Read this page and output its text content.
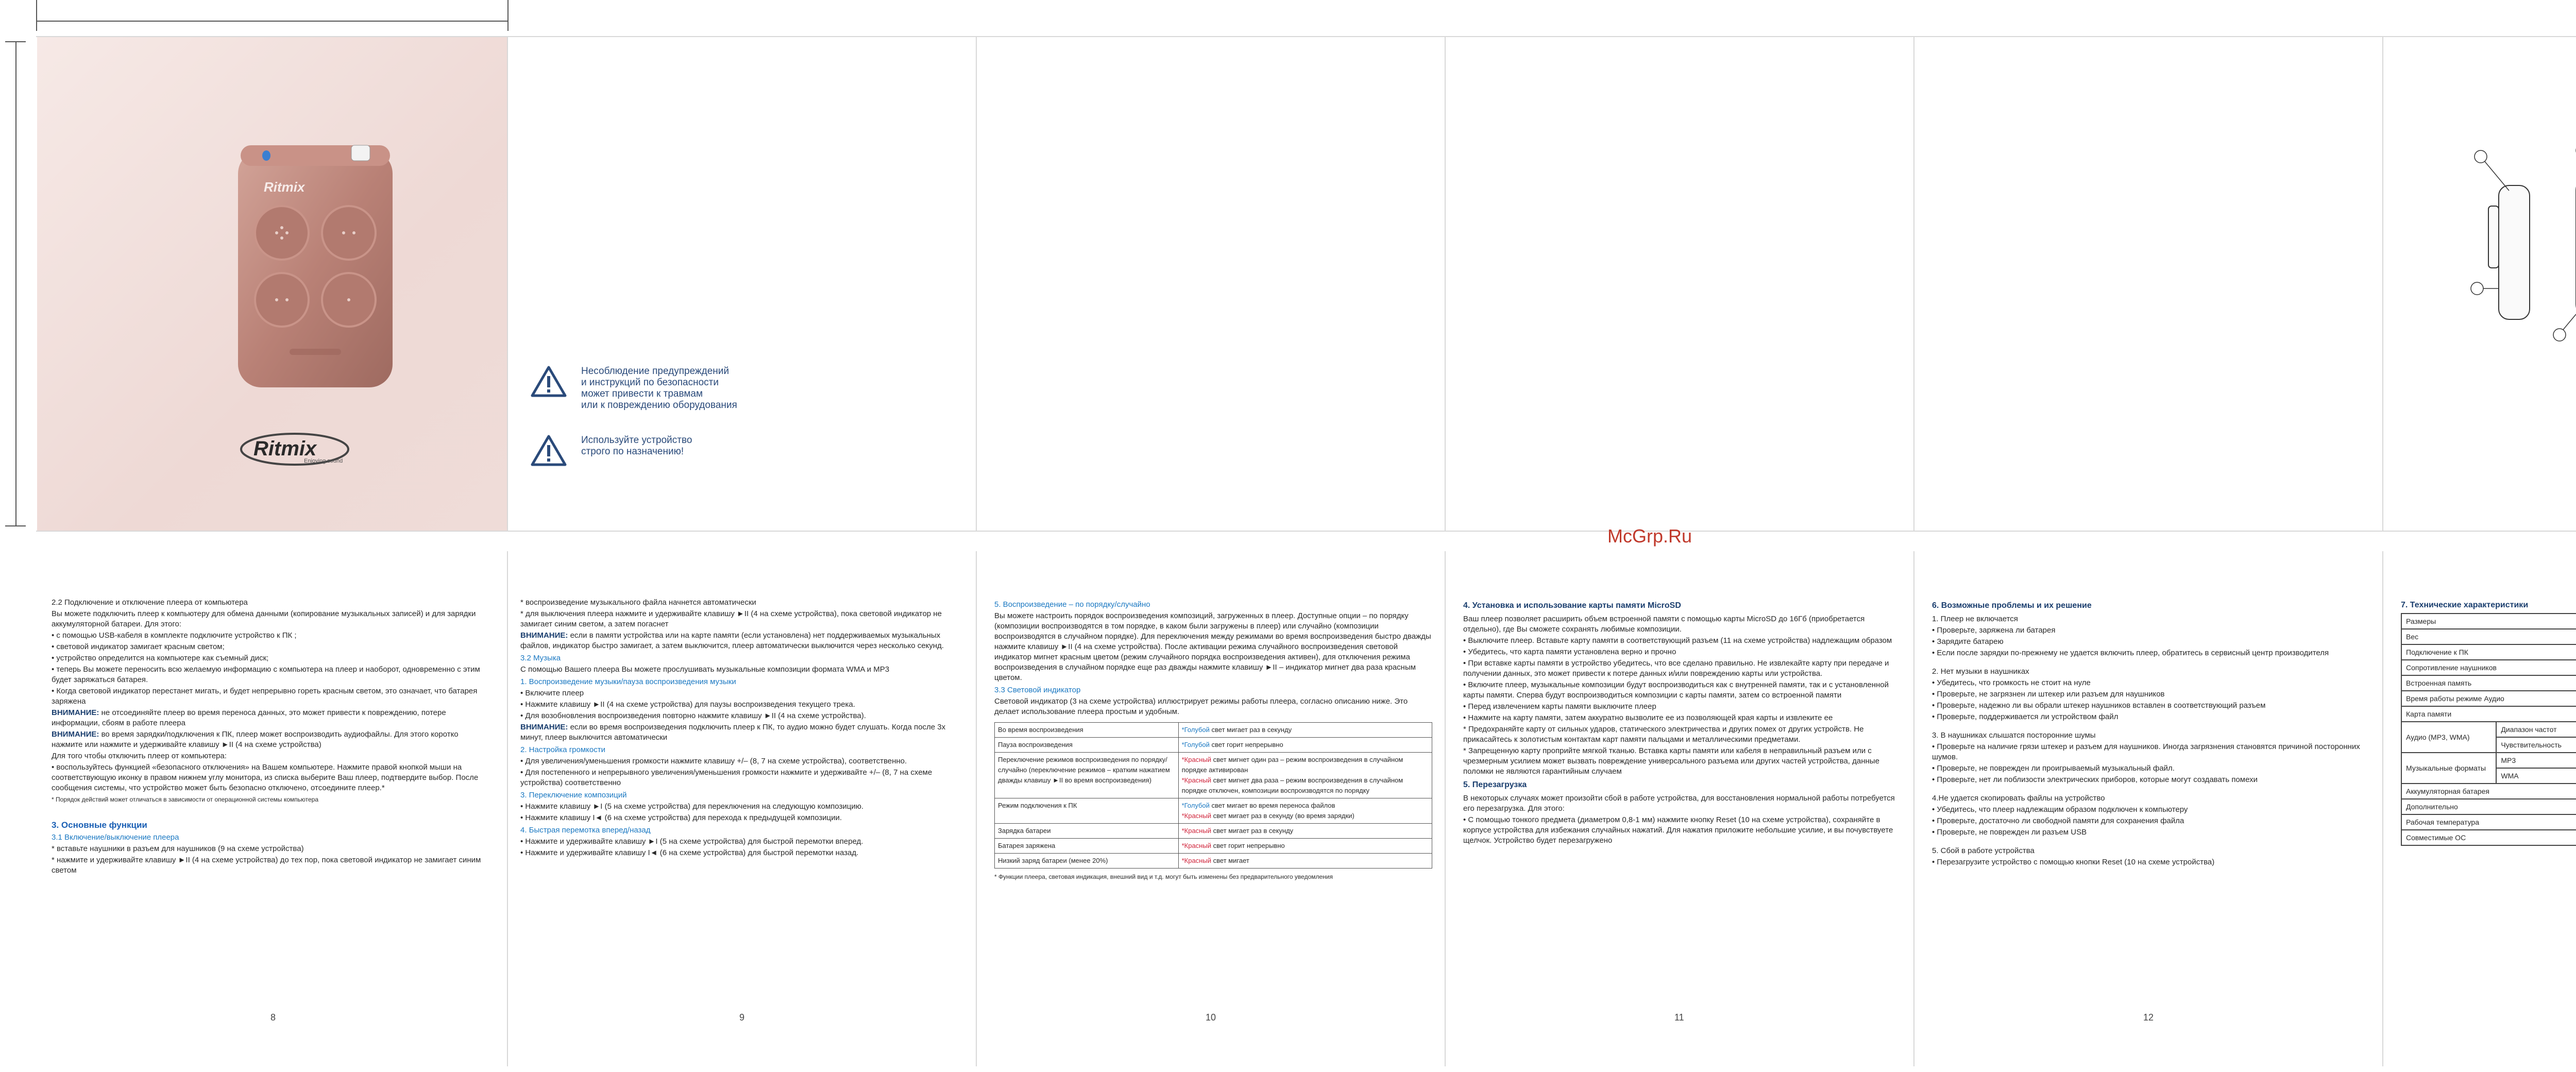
Ritmix
Ritmix
Enjoying sound
Несоблюдение предупреждений
и инструкций по безопасности
может привести к травмам
или к повреждению оборудования
Используйте устройство
строго по назначению!
McGrp.Ru

2.2 Подключение и отключение плеера от компьютера

Вы можете подключить плеер к компьютеру для обмена данными (копирование музыкальных записей) и для зарядки аккумуляторной батареи. Для этого:

• с помощью USB-кабеля в комплекте подключите устройство к ПК ;

• световой индикатор замигает красным светом;

• устройство определится на компьютере как съемный диск;

• теперь Вы можете переносить всю желаемую информацию с компьютера на плеер и наоборот, одновременно с этим будет заряжаться батарея.

• Когда световой индикатор перестанет мигать, и будет непрерывно гореть красным светом, это означает, что батарея заряжена

ВНИМАНИЕ: не отсоединяйте плеер во время переноса данных, это может привести к повреждению, потере информации, сбоям в работе плеера

ВНИМАНИЕ: во время зарядки/подключения к ПК, плеер может воспроизводить аудиофайлы. Для этого коротко нажмите или нажмите и удерживайте клавишу ►II (4 на схеме устройства)

Для того чтобы отключить плеер от компьютера:

• воспользуйтесь функцией «безопасного отключения» на Вашем компьютере. Нажмите правой кнопкой мыши на соответствующую иконку в правом нижнем углу монитора, из списка выберите Ваш плеер, подтвердите выбор. После сообщения системы, что устройство может быть безопасно отключено, отсоедините плеер.*

* Порядок действий может отличаться в зависимости от операционной системы компьютера

3. Основные функции
3.1 Включение/выключение плеера

* вставьте наушники в разъем для наушников (9 на схеме устройства)

* нажмите и удерживайте клавишу ►II (4 на схеме устройства) до тех пор, пока световой индикатор не замигает синим светом

8

* воспроизведение музыкального файла начнется автоматически

* для выключения плеера нажмите и удерживайте клавишу ►II (4 на схеме устройства), пока световой индикатор не замигает синим светом, а затем погаснет

ВНИМАНИЕ: если в памяти устройства или на карте памяти (если установлена) нет поддерживаемых музыкальных файлов, индикатор быстро замигает, а затем выключится, плеер автоматически выключится через несколько секунд.

3.2 Музыка

С помощью Вашего плеера Вы можете прослушивать музыкальные композиции формата WMA и MP3

1. Воспроизведение музыки/пауза воспроизведения музыки

• Включите плеер

• Нажмите клавишу ►II (4 на схеме устройства) для паузы воспроизведения текущего трека.

• Для возобновления воспроизведения повторно нажмите клавишу ►II (4 на схеме устройства).

ВНИМАНИЕ: если во время воспроизведения подключить плеер к ПК, то аудио можно будет слушать. Когда после 3х минут, плеер выключится автоматически

2. Настройка громкости

• Для увеличения/уменьшения громкости нажмите клавишу +/– (8, 7 на схеме устройства), соответственно.

• Для постепенного и непрерывного увеличения/уменьшения громкости нажмите и удерживайте +/– (8, 7 на схеме устройства) соответственно

3. Переключение композиций

• Нажмите клавишу ►I (5 на схеме устройства) для переключения на следующую композицию.

• Нажмите клавишу I◄ (6 на схеме устройства) для перехода к предыдущей композиции.

4. Быстрая перемотка вперед/назад

• Нажмите и удерживайте клавишу ►I (5 на схеме устройства) для быстрой перемотки вперед.

• Нажмите и удерживайте клавишу I◄ (6 на схеме устройства) для быстрой перемотки назад.

9
5. Воспроизведение – по порядку/случайно

Вы можете настроить порядок воспроизведения композиций, загруженных в плеер. Доступные опции – по порядку (композиции воспроизводятся в том порядке, в каком были загружены в плеер) или случайно (композиции воспроизводятся в случайном порядке). Для переключения между режимами во время воспроизведения быстро дважды нажмите клавишу ►II (4 на схеме устройства). После активации режима случайного воспроизведения световой индикатор мигнет красным цветом (режим случайного порядка воспроизведения активен), для отключения режима воспроизведения в случайном порядке еще раз дважды нажмите клавишу ►II – индикатор мигнет два раза красным цветом.

3.3 Световой индикатор

Световой индикатор (3 на схеме устройства) иллюстрирует режимы работы плеера, согласно описанию ниже. Это делает использование плеера простым и удобным.

Во время воспроизведения	*Голубой свет мигает раз в секунду

Пауза воспроизведения	*Голубой свет горит непрерывно

Переключение режимов воспроизведения по порядку/случайно (переключение режимов – кратким нажатием дважды клавишу ►II во время воспроизведения)	*Красный свет мигнет один раз – режим воспроизведения в случайном порядке активирован
*Красный свет мигнет два раза – режим воспроизведения в случайном порядке отключен, композиции воспроизводятся по порядку

Режим подключения к ПК	*Голубой свет мигает во время переноса файлов
*Красный свет мигает раз в секунду (во время зарядки)

Зарядка батареи	*Красный свет мигает раз в секунду

Батарея заряжена	*Красный свет горит непрерывно

Низкий заряд батареи (менее 20%)	*Красный свет мигает

* Функции плеера, световая индикация, внешний вид и т.д. могут быть изменены без предварительного уведомления

10
4. Установка и использование карты памяти MicroSD

Ваш плеер позволяет расширить объем встроенной памяти с помощью карты MicroSD до 16Гб (приобретается отдельно), где Вы сможете сохранять любимые композиции.

• Выключите плеер. Вставьте карту памяти в соответствующий разъем (11 на схеме устройства) надлежащим образом

• Убедитесь, что карта памяти установлена верно и прочно

• При вставке карты памяти в устройство убедитесь, что все сделано правильно. Не извлекайте карту при передаче и получении данных, это может привести к потере данных и/или повреждению карты или устройства.

• Включите плеер, музыкальные композиции будут воспроизводиться как с внутренней памяти, так и с установленной карты памяти. Сперва будут воспроизводиться композиции с карты памяти, затем со встроенной памяти

• Перед извлечением карты памяти выключите плеер

• Нажмите на карту памяти, затем аккуратно вызволите ее из позволяющей края карты и извлеките ее

* Предохраняйте карту от сильных ударов, статического электричества и других помех от других устройств. Не прикасайтесь к золотистым контактам карт памяти пальцами и металлическими предметами.

* Запрещенную карту проприйте мягкой тканью. Вставка карты памяти или кабеля в неправильный разъем или с чрезмерным усилием может вызвать повреждение универсального разъема или других частей устройства, данные поломки не являются гарантийным случаем

5. Перезагрузка

В некоторых случаях может произойти сбой в работе устройства, для восстановления нормальной работы потребуется его перезагрузка. Для этого:

• С помощью тонкого предмета (диаметром 0,8-1 мм) нажмите кнопку Reset (10 на схеме устройства), сохраняйте в корпусе устройства для избежания случайных нажатий. Для нажатия приложите небольшие усилие, и вы почувствуете щелчок. Устройство будет перезагружено

11
6. Возможные проблемы и их решение

1. Плеер не включается

• Проверьте, заряжена ли батарея

• Зарядите батарею

• Если после зарядки по-прежнему не удается включить плеер, обратитесь в сервисный центр производителя

2. Нет музыки в наушниках

• Убедитесь, что громкость не стоит на нуле

• Проверьте, не загрязнен ли штекер или разъем для наушников

• Проверьте, надежно ли вы обрали штекер наушников вставлен в соответствующий разъем

• Проверьте, поддерживается ли устройством файл

3. В наушниках слышатся посторонние шумы

• Проверьте на наличие грязи штекер и разъем для наушников. Иногда загрязнения становятся причиной посторонних шумов.

• Проверьте, не поврежден ли проигрываемый музыкальный файл.

• Проверьте, нет ли поблизости электрических приборов, которые могут создавать помехи

4.Не удается скопировать файлы на устройство

• Убедитесь, что плеер надлежащим образом подключен к компьютеру

• Проверьте, достаточно ли свободной памяти для сохранения файла

• Проверьте, не поврежден ли разъем USB

5. Сбой в работе устройства

• Перезагрузите устройство с помощью кнопки Reset (10 на схеме устройства)

12
7. Технические характеристики
Размеры	
Вес	
Подключение к ПК	
Сопротивление наушников	
Встроенная память	
Время работы режиме Аудио	
Карта памяти	
Аудио (MP3, WMA)	Диапазон частот	
	Чувствительность	
Музыкальные форматы	MP3	
	WMA	
Аккумуляторная батарея	
Дополнительно	
Рабочая температура	
Совместимые ОС	
